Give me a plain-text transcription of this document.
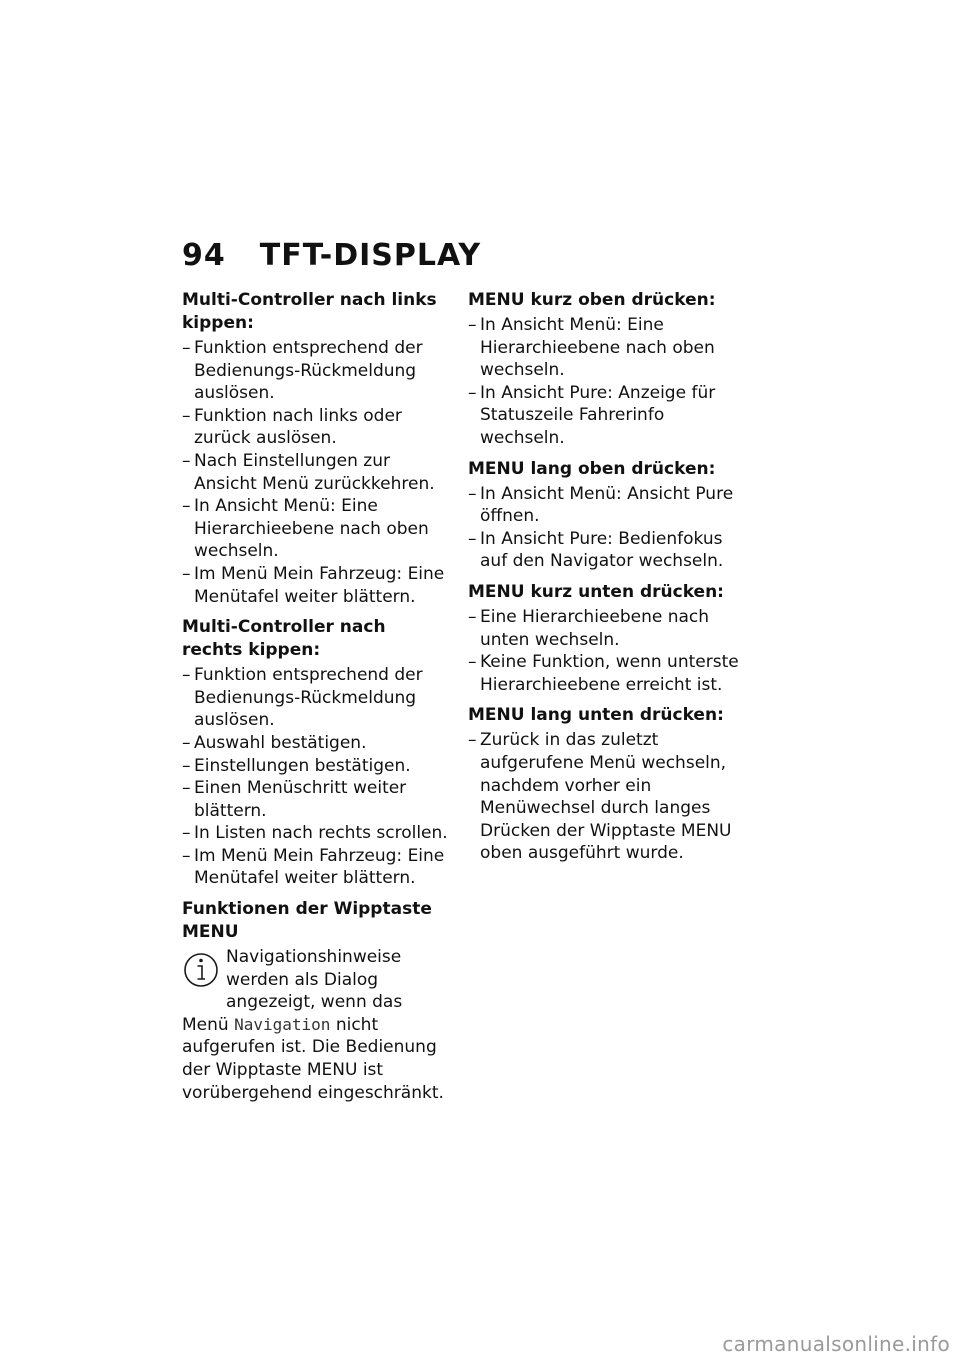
94 TFT-DISPLAY
Multi-Controller nach links kippen:
– Funktion entsprechend der Bedienungs-Rückmeldung auslösen.
– Funktion nach links oder zurück auslösen.
– Nach Einstellungen zur Ansicht Menü zurückkehren.
– In Ansicht Menü: Eine Hierarchieebene nach oben wechseln.
– Im Menü Mein Fahrzeug: Eine Menütafel weiter blättern.
Multi-Controller nach rechts kippen:
– Funktion entsprechend der Bedienungs-Rückmeldung auslösen.
– Auswahl bestätigen.
– Einstellungen bestätigen.
– Einen Menüschritt weiter blättern.
– In Listen nach rechts scrollen.
– Im Menü Mein Fahrzeug: Eine Menütafel weiter blättern.
Funktionen der Wipptaste MENU
Navigationshinweise werden als Dialog angezeigt, wenn das Menü Navigation nicht aufgerufen ist. Die Bedienung der Wipptaste MENU ist vorübergehend eingeschränkt.
MENU kurz oben drücken:
– In Ansicht Menü: Eine Hierarchieebene nach oben wechseln.
– In Ansicht Pure: Anzeige für Statuszeile Fahrerinfo wechseln.
MENU lang oben drücken:
– In Ansicht Menü: Ansicht Pure öffnen.
– In Ansicht Pure: Bedienfokus auf den Navigator wechseln.
MENU kurz unten drücken:
– Eine Hierarchieebene nach unten wechseln.
– Keine Funktion, wenn unterste Hierarchieebene erreicht ist.
MENU lang unten drücken:
– Zurück in das zuletzt aufgerufene Menü wechseln, nachdem vorher ein Menüwechsel durch langes Drücken der Wipptaste MENU oben ausgeführt wurde.
carmanualsonline.info
